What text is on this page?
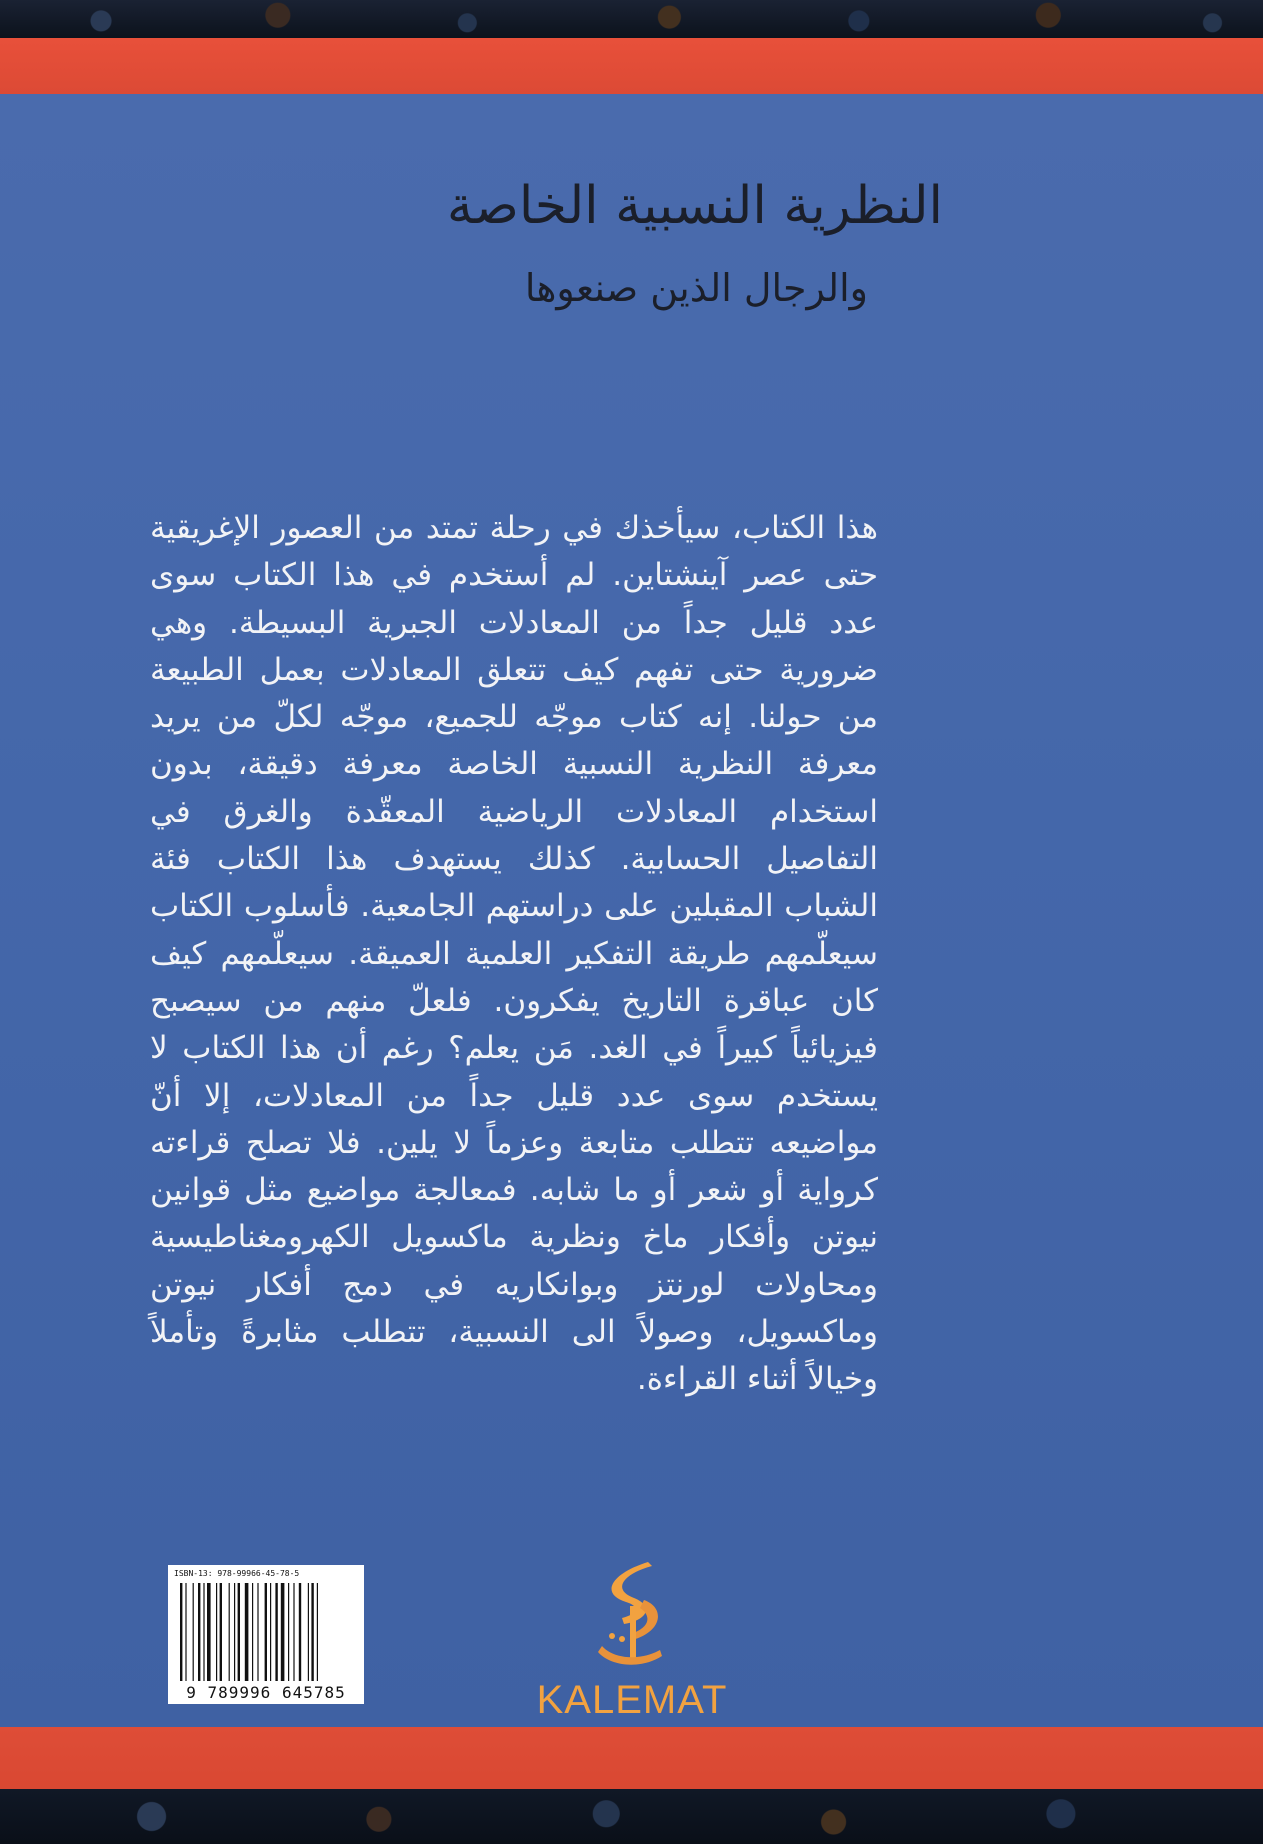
النظرية النسبية الخاصة
والرجال الذين صنعوها
هذا الكتاب، سيأخذك في رحلة تمتد من العصور الإغريقية حتى عصر آينشتاين. لم أستخدم في هذا الكتاب سوى عدد قليل جداً من المعادلات الجبرية البسيطة. وهي ضرورية حتى تفهم كيف تتعلق المعادلات بعمل الطبيعة من حولنا. إنه كتاب موجّه للجميع، موجّه لكلّ من يريد معرفة النظرية النسبية الخاصة معرفة دقيقة، بدون استخدام المعادلات الرياضية المعقّدة والغرق في التفاصيل الحسابية. كذلك يستهدف هذا الكتاب فئة الشباب المقبلين على دراستهم الجامعية. فأسلوب الكتاب سيعلّمهم طريقة التفكير العلمية العميقة. سيعلّمهم كيف كان عباقرة التاريخ يفكرون. فلعلّ منهم من سيصبح فيزيائياً كبيراً في الغد. مَن يعلم؟ رغم أن هذا الكتاب لا يستخدم سوى عدد قليل جداً من المعادلات، إلا أنّ مواضيعه تتطلب متابعة وعزماً لا يلين. فلا تصلح قراءته كرواية أو شعر أو ما شابه. فمعالجة مواضيع مثل قوانين نيوتن وأفكار ماخ ونظرية ماكسويل الكهرومغناطيسية ومحاولات لورنتز وبوانكاريه في دمج أفكار نيوتن وماكسويل، وصولاً الى النسبية، تتطلب مثابرةً وتأملاً وخيالاً أثناء القراءة.
ISBN-13: 978-99966-45-78-5
9 789996 645785	KALEMAT
